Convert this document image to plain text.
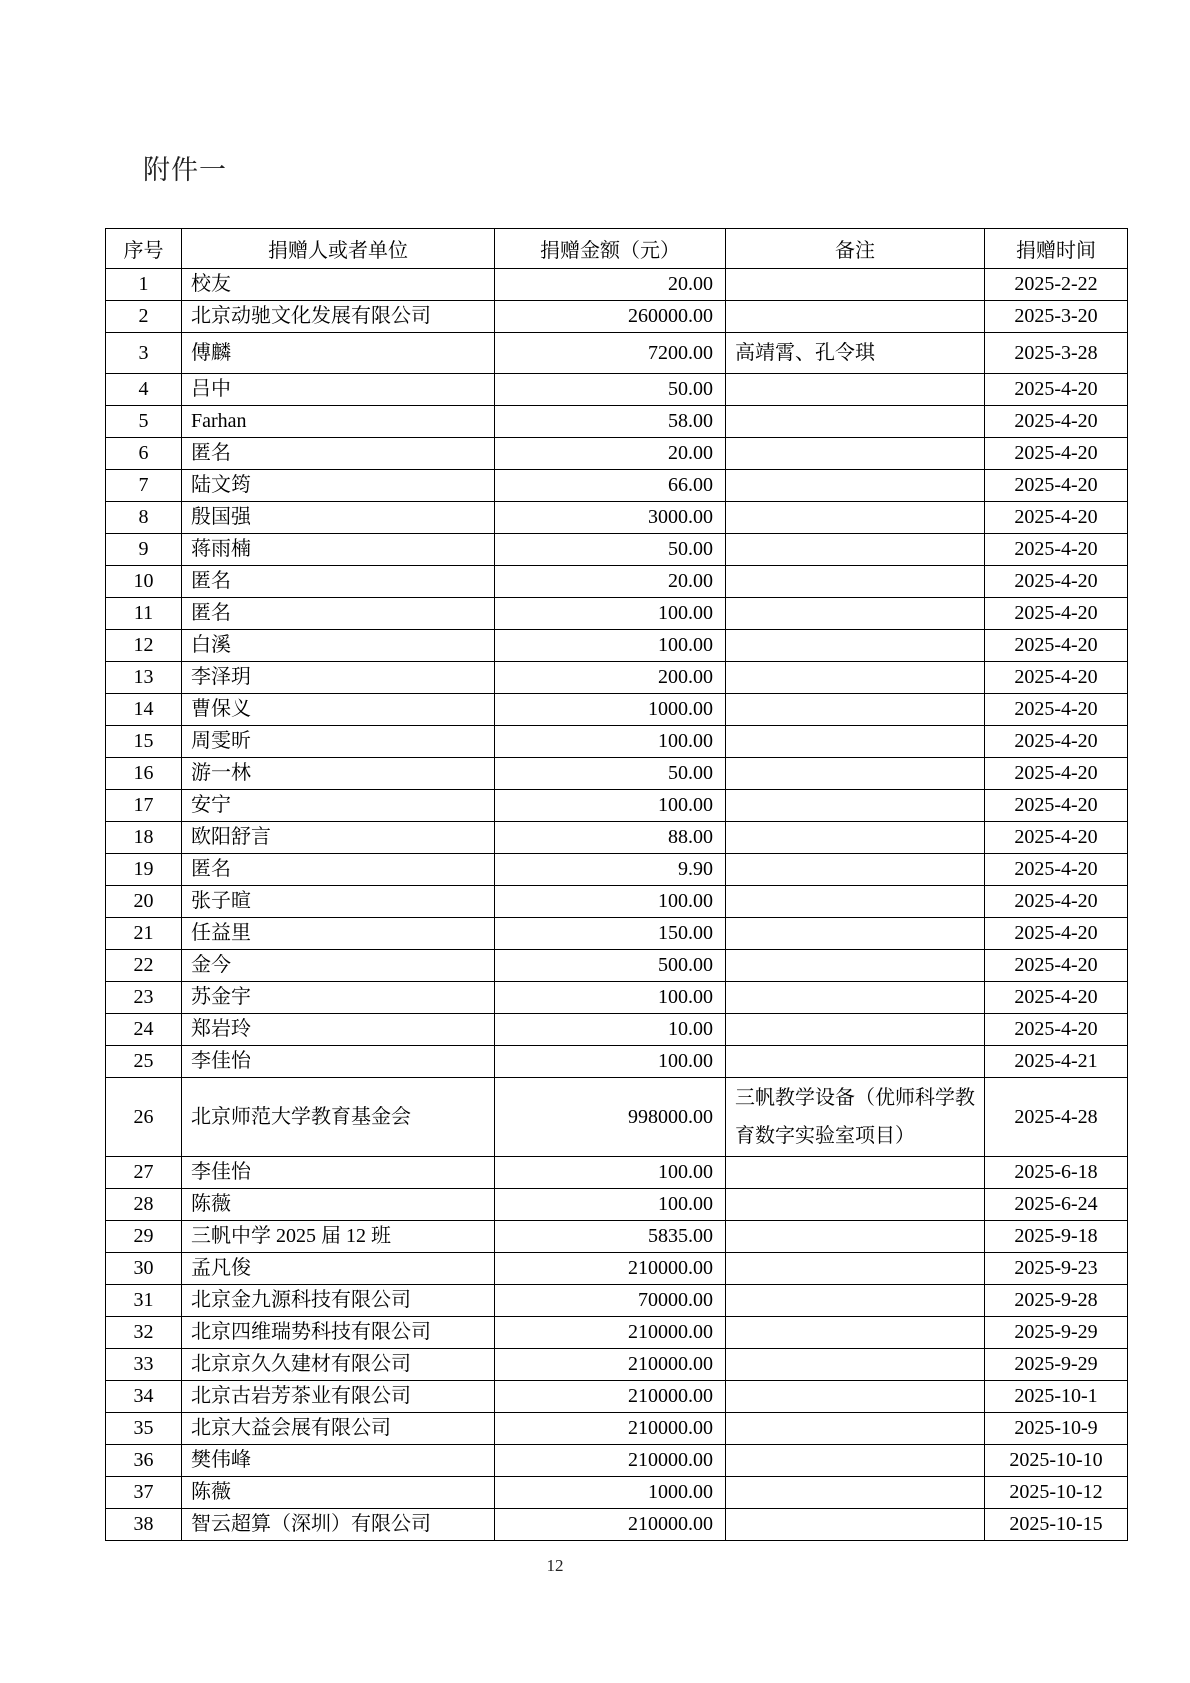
附件一
序号	捐赠人或者单位	捐赠金额（元）	备注	捐赠时间
1	校友	20.00		2025-2-22
2	北京动驰文化发展有限公司	260000.00		2025-3-20
3	傅麟	7200.00	高靖霄、孔令琪	2025-3-28
4	吕中	50.00		2025-4-20
5	Farhan	58.00		2025-4-20
6	匿名	20.00		2025-4-20
7	陆文筠	66.00		2025-4-20
8	殷国强	3000.00		2025-4-20
9	蒋雨楠	50.00		2025-4-20
10	匿名	20.00		2025-4-20
11	匿名	100.00		2025-4-20
12	白溪	100.00		2025-4-20
13	李泽玥	200.00		2025-4-20
14	曹保义	1000.00		2025-4-20
15	周雯昕	100.00		2025-4-20
16	游一林	50.00		2025-4-20
17	安宁	100.00		2025-4-20
18	欧阳舒言	88.00		2025-4-20
19	匿名	9.90		2025-4-20
20	张子暄	100.00		2025-4-20
21	任益里	150.00		2025-4-20
22	金今	500.00		2025-4-20
23	苏金宇	100.00		2025-4-20
24	郑岩玲	10.00		2025-4-20
25	李佳怡	100.00		2025-4-21
26	北京师范大学教育基金会	998000.00	三帆教学设备（优师科学教育数字实验室项目）	2025-4-28
27	李佳怡	100.00		2025-6-18
28	陈薇	100.00		2025-6-24
29	三帆中学 2025 届 12 班	5835.00		2025-9-18
30	孟凡俊	210000.00		2025-9-23
31	北京金九源科技有限公司	70000.00		2025-9-28
32	北京四维瑞势科技有限公司	210000.00		2025-9-29
33	北京京久久建材有限公司	210000.00		2025-9-29
34	北京古岩芳茶业有限公司	210000.00		2025-10-1
35	北京大益会展有限公司	210000.00		2025-10-9
36	樊伟峰	210000.00		2025-10-10
37	陈薇	1000.00		2025-10-12
38	智云超算（深圳）有限公司	210000.00		2025-10-15
12
